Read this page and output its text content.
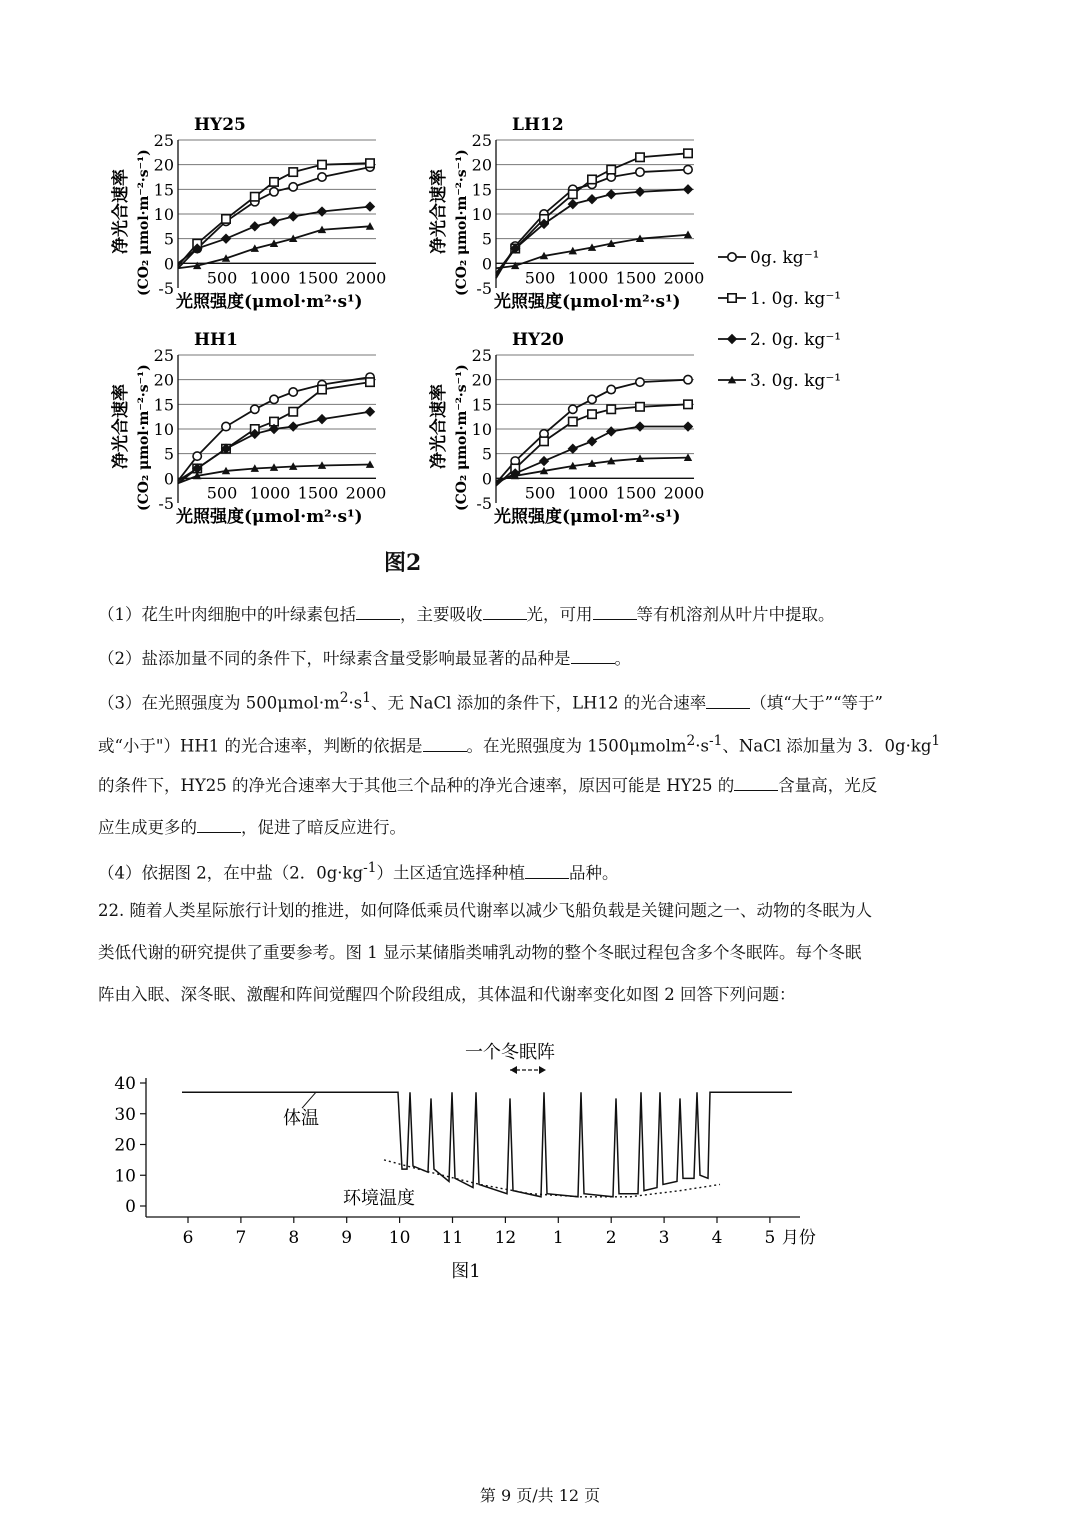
HY25
-5
0
5
10
15
20
25
500 1000 1500 2000
光照强度(μmol·m²·s¹)
净光合速率 (CO₂ μmol·m⁻²·s⁻¹)
LH12
-5
0
5
10
15
20
25
500 1000 1500 2000
光照强度(μmol·m²·s¹)
净光合速率 (CO₂ μmol·m⁻²·s⁻¹)
HH1
-5
0
5
10
15
20
25
500 1000 1500 2000
光照强度(μmol·m²·s¹)
净光合速率 (CO₂ μmol·m⁻²·s⁻¹)
HY20
-5
0
5
10
15
20
25
500 1000 1500 2000
光照强度(μmol·m²·s¹)
净光合速率 (CO₂ μmol·m⁻²·s⁻¹)
0g. kg⁻¹
1. 0g. kg⁻¹
2. 0g. kg⁻¹
3. 0g. kg⁻¹
图2
（1）花生叶肉细胞中的叶绿素包括	，主要吸收	光，可用	等有机溶剂从叶片中提取。
（2）盐添加量不同的条件下，叶绿素含量受影响最显著的品种是	。
（3）在光照强度为 $500\mu mol\cdot m^2\cdot s^1$、无 NaCl 添加的条件下，LH12 的光合速率	（填“大于”“等于”
或“小于"）HH1 的光合速率，判断的依据是	。在光照强度为 $1500\mu molm^2\cdot s^{-1}$、NaCl 添加量为 3．$0g\cdot kg^1$
的条件下，HY25 的净光合速率大于其他三个品种的净光合速率，原因可能是 HY25 的	含量高，光反
应生成更多的	，促进了暗反应进行。
（4）依据图 2，在中盐（2．$0g\cdot kg^{-1}$）土区适宜选择种植	品种。
22. 随着人类星际旅行计划的推进，如何降低乘员代谢率以减少飞船负载是关键问题之一、动物的冬眠为人
类低代谢的研究提供了重要参考。图 1 显示某储脂类哺乳动物的整个冬眠过程包含多个冬眠阵。每个冬眠
阵由入眠、深冬眠、激醒和阵间觉醒四个阶段组成，其体温和代谢率变化如图 2 回答下列问题：
一个冬眠阵
0
10
20
30
40
6 7 8 9 10 11 12 1 2 3 4 5 月份
体温
环境温度
图1
第 9 页/共 12 页
